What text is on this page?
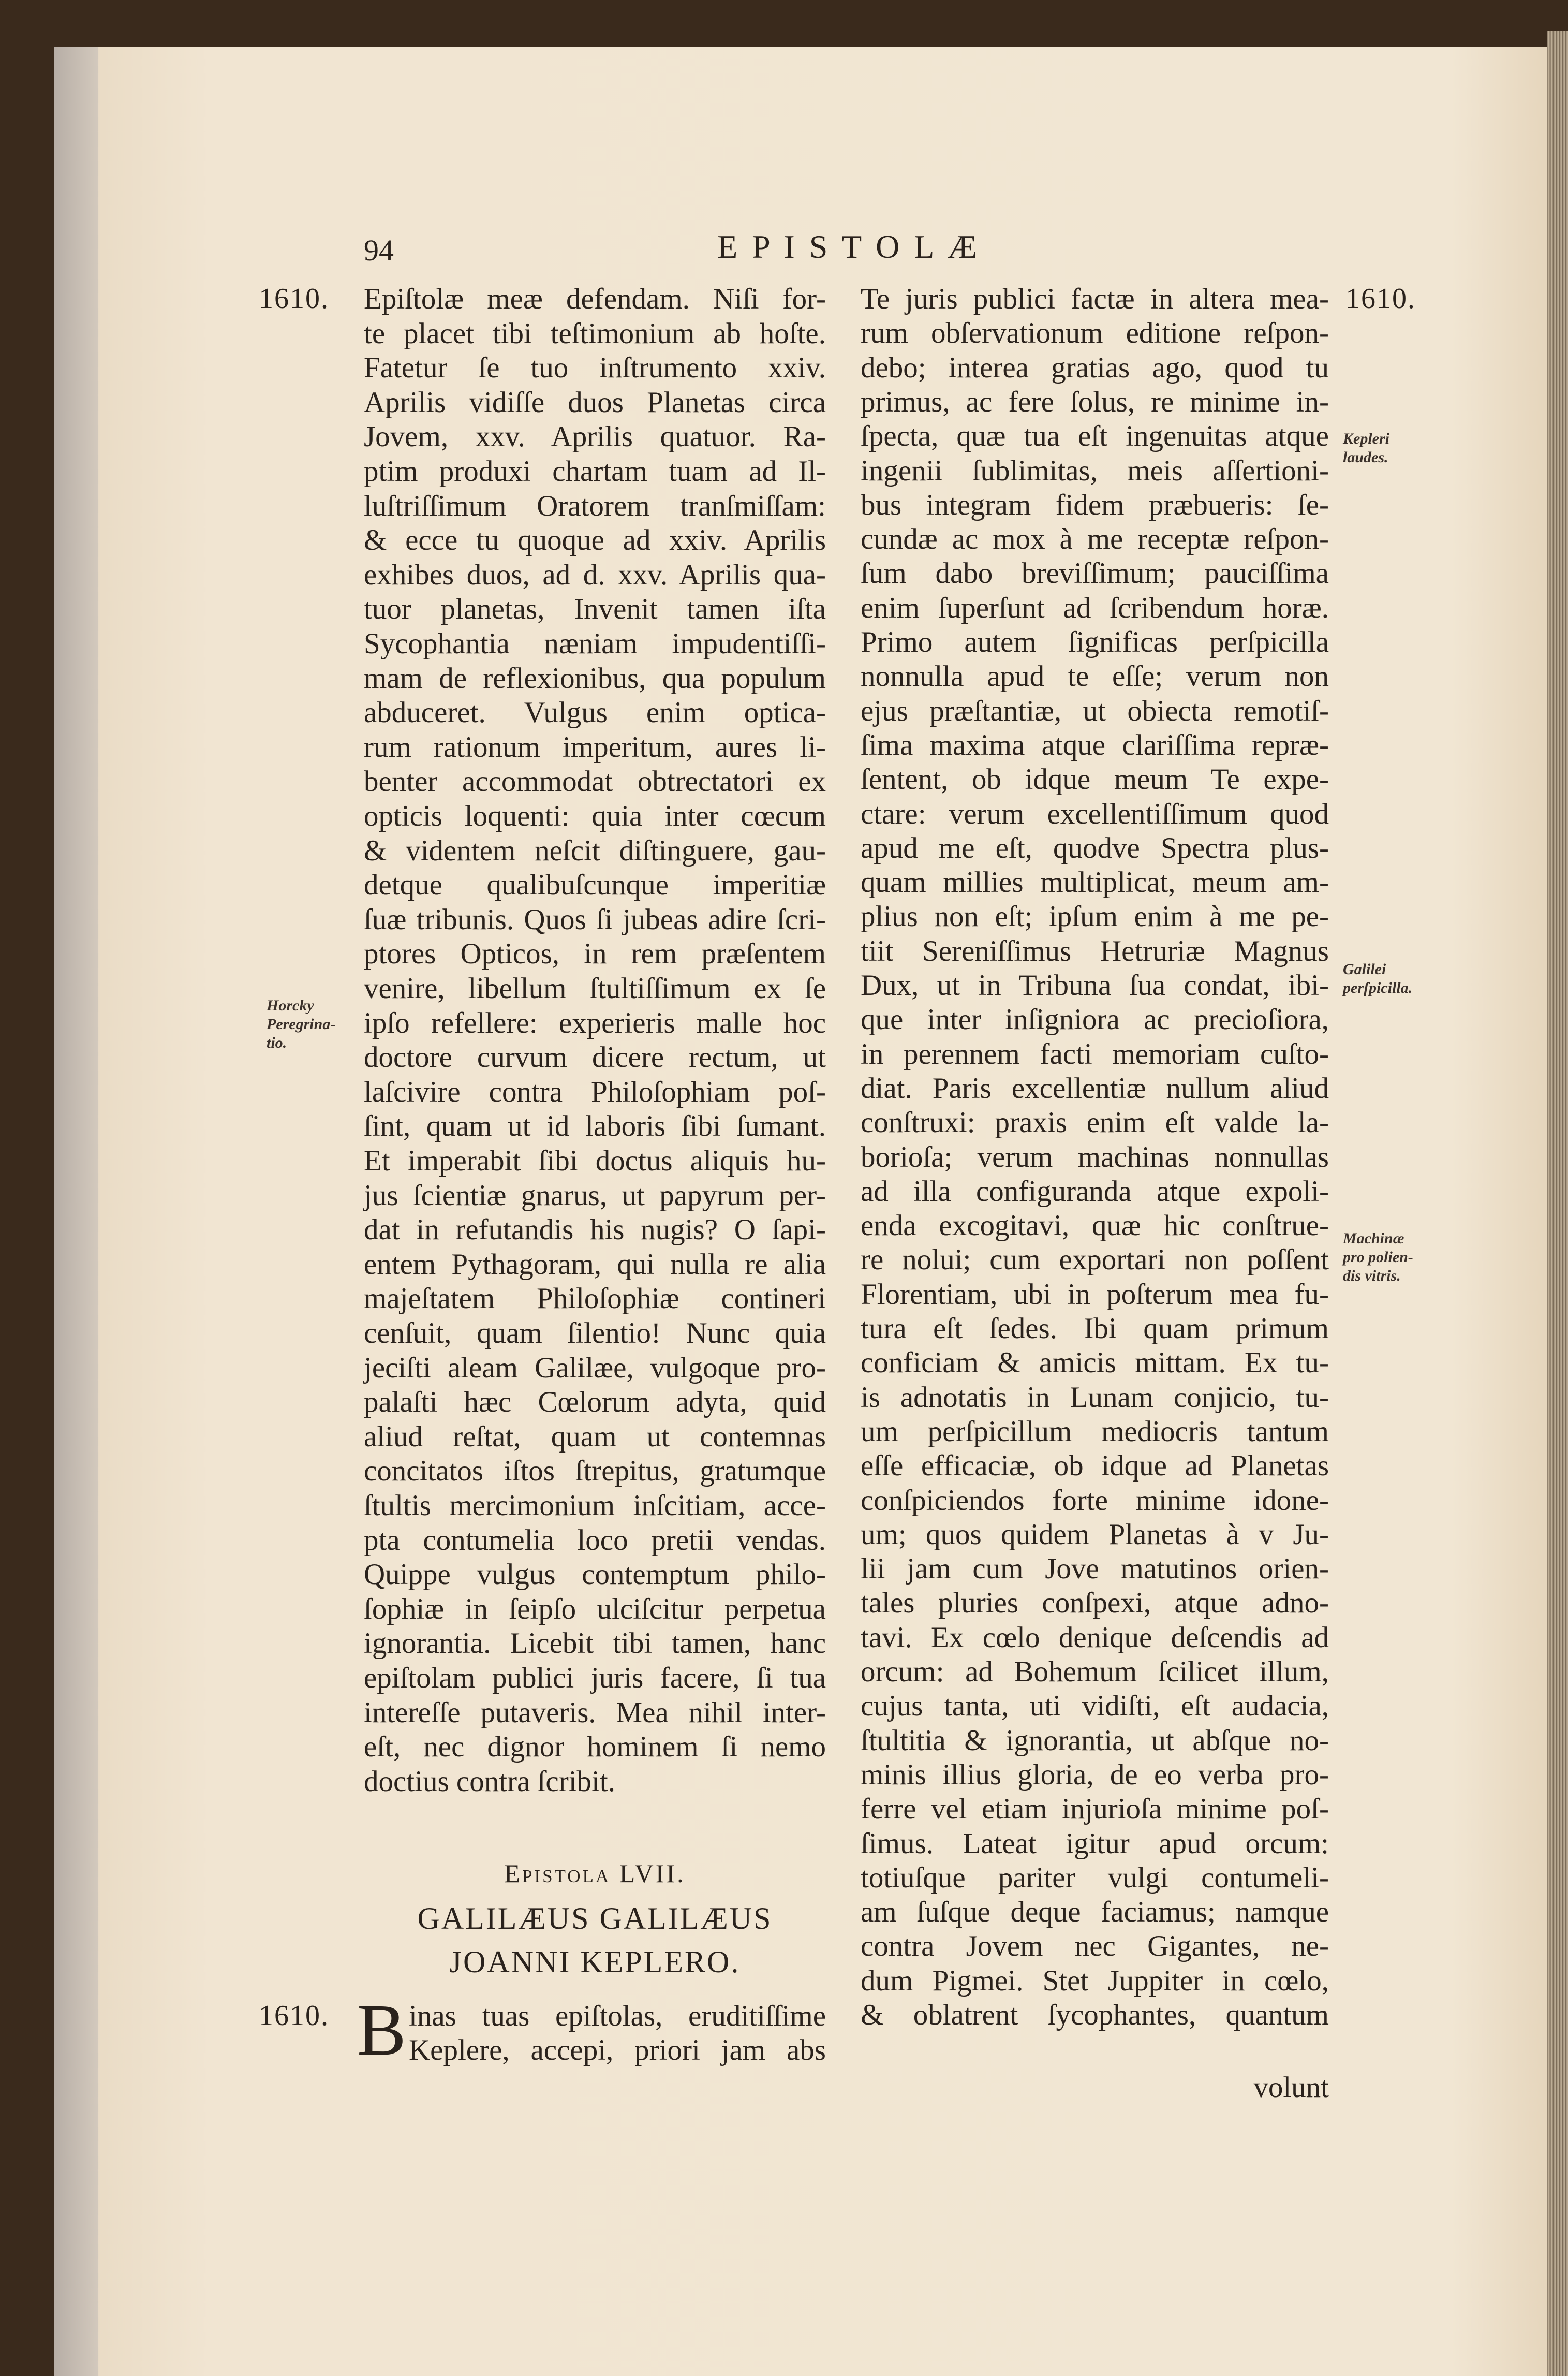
94	E P I S T O L Æ
1610.	1610.
1610.
Epiſtolæ meæ defendam. Niſi for-
te placet tibi teſtimonium ab hoſte.
Fatetur ſe tuo inſtrumento xxiv.
Aprilis vidiſſe duos Planetas circa
Jovem, xxv. Aprilis quatuor. Ra-
ptim produxi chartam tuam ad Il-
luſtriſſimum Oratorem tranſmiſſam:
& ecce tu quoque ad xxiv. Aprilis
exhibes duos, ad d. xxv. Aprilis qua-
tuor planetas, Invenit tamen iſta
Sycophantia næniam impudentiſſi-
mam de reflexionibus, qua populum
abduceret. Vulgus enim optica-
rum rationum imperitum, aures li-
benter accommodat obtrectatori ex
opticis loquenti: quia inter cœcum
& videntem neſcit diſtinguere, gau-
detque qualibuſcunque imperitiæ
ſuæ tribunis. Quos ſi jubeas adire ſcri-
ptores Opticos, in rem præſentem
venire, libellum ſtultiſſimum ex ſe
ipſo refellere: experieris malle hoc
doctore curvum dicere rectum, ut
laſcivire contra Philoſophiam poſ-
ſint, quam ut id laboris ſibi ſumant.
Et imperabit ſibi doctus aliquis hu-
jus ſcientiæ gnarus, ut papyrum per-
dat in refutandis his nugis? O ſapi-
entem Pythagoram, qui nulla re alia
majeſtatem Philoſophiæ contineri
cenſuit, quam ſilentio! Nunc quia
jeciſti aleam Galilæe, vulgoque pro-
palaſti hæc Cœlorum adyta, quid
aliud reſtat, quam ut contemnas
concitatos iſtos ſtrepitus, gratumque
ſtultis mercimonium inſcitiam, acce-
pta contumelia loco pretii vendas.
Quippe vulgus contemptum philo-
ſophiæ in ſeipſo ulciſcitur perpetua
ignorantia. Licebit tibi tamen, hanc
epiſtolam publici juris facere, ſi tua
intereſſe putaveris. Mea nihil inter-
eſt, nec dignor hominem ſi nemo
doctius contra ſcribit.
Te juris publici factæ in altera mea-
rum obſervationum editione reſpon-
debo; interea gratias ago, quod tu
primus, ac fere ſolus, re minime in-
ſpecta, quæ tua eſt ingenuitas atque
ingenii ſublimitas, meis aſſertioni-
bus integram fidem præbueris: ſe-
cundæ ac mox à me receptæ reſpon-
ſum dabo breviſſimum; pauciſſima
enim ſuperſunt ad ſcribendum horæ.
Primo autem ſignificas perſpicilla
nonnulla apud te eſſe; verum non
ejus præſtantiæ, ut obiecta remotiſ-
ſima maxima atque clariſſima repræ-
ſentent, ob idque meum Te expe-
ctare: verum excellentiſſimum quod
apud me eſt, quodve Spectra plus-
quam millies multiplicat, meum am-
plius non eſt; ipſum enim à me pe-
tiit Sereniſſimus Hetruriæ Magnus
Dux, ut in Tribuna ſua condat, ibi-
que inter inſigniora ac precioſiora,
in perennem facti memoriam cuſto-
diat. Paris excellentiæ nullum aliud
conſtruxi: praxis enim eſt valde la-
borioſa; verum machinas nonnullas
ad illa configuranda atque expoli-
enda excogitavi, quæ hic conſtrue-
re nolui; cum exportari non poſſent
Florentiam, ubi in poſterum mea fu-
tura eſt ſedes. Ibi quam primum
conficiam & amicis mittam. Ex tu-
is adnotatis in Lunam conjicio, tu-
um perſpicillum mediocris tantum
eſſe efficaciæ, ob idque ad Planetas
conſpiciendos forte minime idone-
um; quos quidem Planetas à v Ju-
lii jam cum Jove matutinos orien-
tales pluries conſpexi, atque adno-
tavi. Ex cœlo denique deſcendis ad
orcum: ad Bohemum ſcilicet illum,
cujus tanta, uti vidiſti, eſt audacia,
ſtultitia & ignorantia, ut abſque no-
minis illius gloria, de eo verba pro-
ferre vel etiam injurioſa minime poſ-
ſimus. Lateat igitur apud orcum:
totiuſque pariter vulgi contumeli-
am ſuſque deque faciamus; namque
contra Jovem nec Gigantes, ne-
dum Pigmei. Stet Juppiter in cœlo,
& oblatrent ſycophantes, quantum
Epistola LVII.
GALILÆUS GALILÆUS
JOANNI KEPLERO.
B inas tuas epiſtolas, eruditiſſime
Keplere, accepi, priori jam abs
volunt
Horcky
Peregrina-
tio.
Kepleri
laudes.
Galilei
perſpicilla.
Machinæ
pro polien-
dis vitris.
